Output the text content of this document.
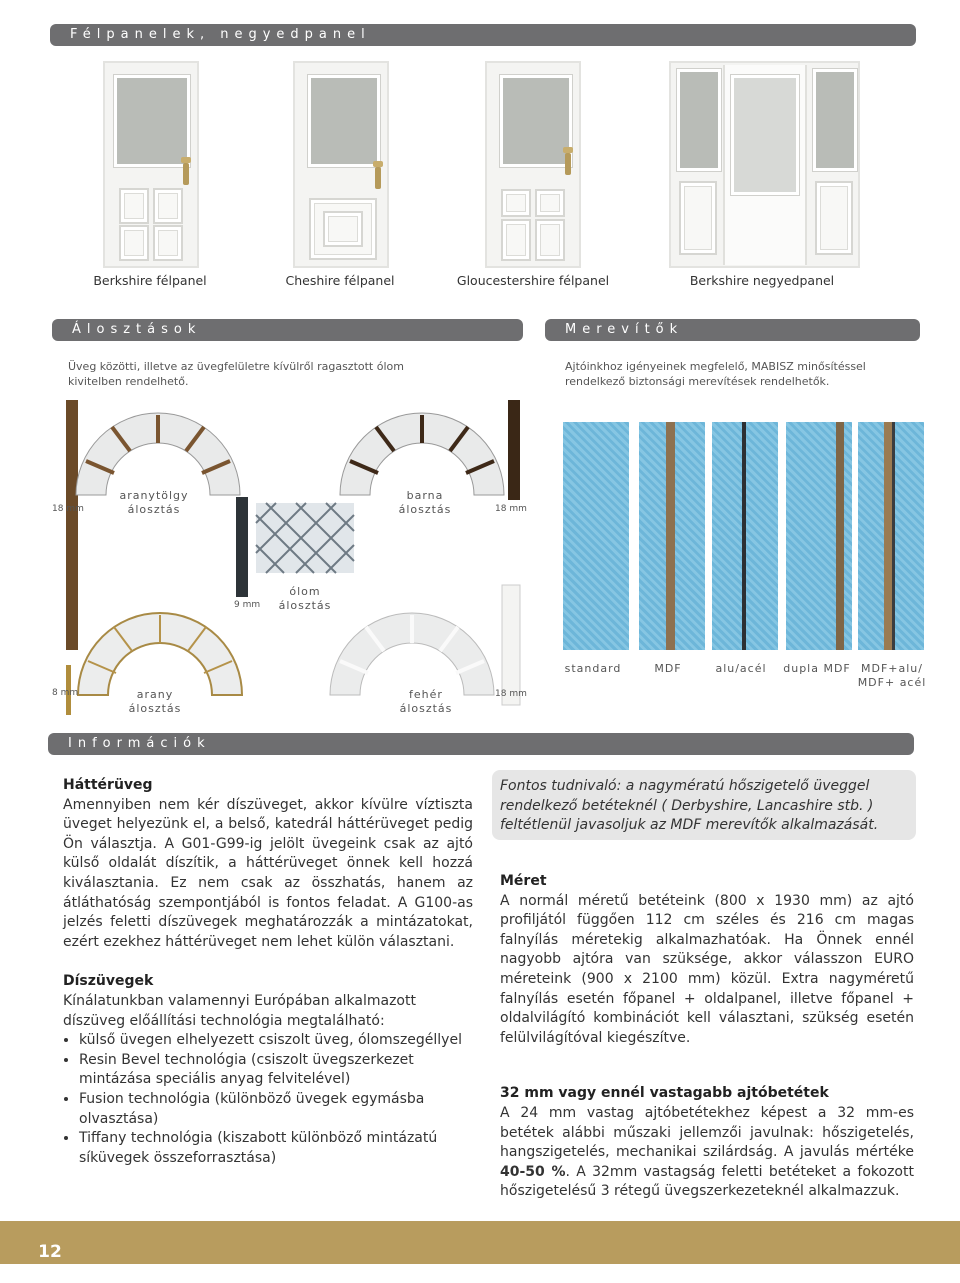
Félpanelek, negyedpanel
Berkshire félpanel	Cheshire félpanel	Gloucestershire félpanel	Berkshire negyedpanel
Álosztások	Merevítők
Üveg közötti, illetve az üvegfelületre kívülről ragasztott ólom kivitelben rendelhető.
Ajtóinkhoz igényeinek megfelelő, MABISZ minősítéssel rendelkező biztonsági merevítések rendelhetők.
18 mm
aranytölgy
álosztás
barna
álosztás	18 mm
9 mm
ólom
álosztás
8 mm	arany
álosztás
fehér
álosztás
18 mm
standard	MDF	alu/acél	dupla MDF MDF+alu/
MDF+ acél
Információk
Háttérüveg

Amennyiben nem kér díszüveget, akkor kívülre víztiszta üveget helyezünk el, a belső, katedrál háttérüveget pedig Ön választja. A G01-G99-ig jelölt üvegeink csak az ajtó külső oldalát díszítik, a háttérüveget önnek kell hozzá kiválasztania. Ez nem csak az összhatás, hanem az átláthatóság szempontjából is fontos feladat. A G100-as jelzés feletti díszüvegek meghatározzák a mintázatokat, ezért ezekhez háttérüveget nem lehet külön választani.

Díszüvegek

Kínálatunkban valamennyi Európában alkalmazott díszüveg előállítási technológia megtalálható:

• külső üvegen elhelyezett csiszolt üveg, ólomszegéllyel
• Resin Bevel technológia (csiszolt üvegszerkezet mintázása speciális anyag felvitelével)
• Fusion technológia (különböző üvegek egymásba olvasztása)
• Tiffany technológia (kiszabott különböző mintázatú síküvegek összeforrasztása)
Fontos tudnivaló: a nagymératú hőszigetelő üveggel rendelkező betéteknél ( Derbyshire, Lancashire stb. ) feltétlenül javasoljuk az MDF merevítők alkalmazását.
Méret

A normál méretű betéteink (800 x 1930 mm) az ajtó profiljától függően 112 cm széles és 216 cm magas falnyílás méretekig alkalmazhatóak. Ha Önnek ennél nagyobb ajtóra van szüksége, akkor válasszon EURO méreteink (900 x 2100 mm) közül. Extra nagyméretű falnyílás esetén főpanel + oldalpanel, illetve főpanel + oldalvilágító kombinációt kell választani, szükség esetén felülvilágítóval kiegészítve.

32 mm vagy ennél vastagabb ajtóbetétek

A 24 mm vastag ajtóbetétekhez képest a 32 mm-es betétek alábbi műszaki jellemzői javulnak: hőszigetelés, hangszigetelés, mechanikai szilárdság. A javulás mértéke 40-50 %. A 32mm vastagság feletti betéteket a fokozott hőszigetelésű 3 rétegű üvegszerkezeteknél alkalmazzuk.

12
